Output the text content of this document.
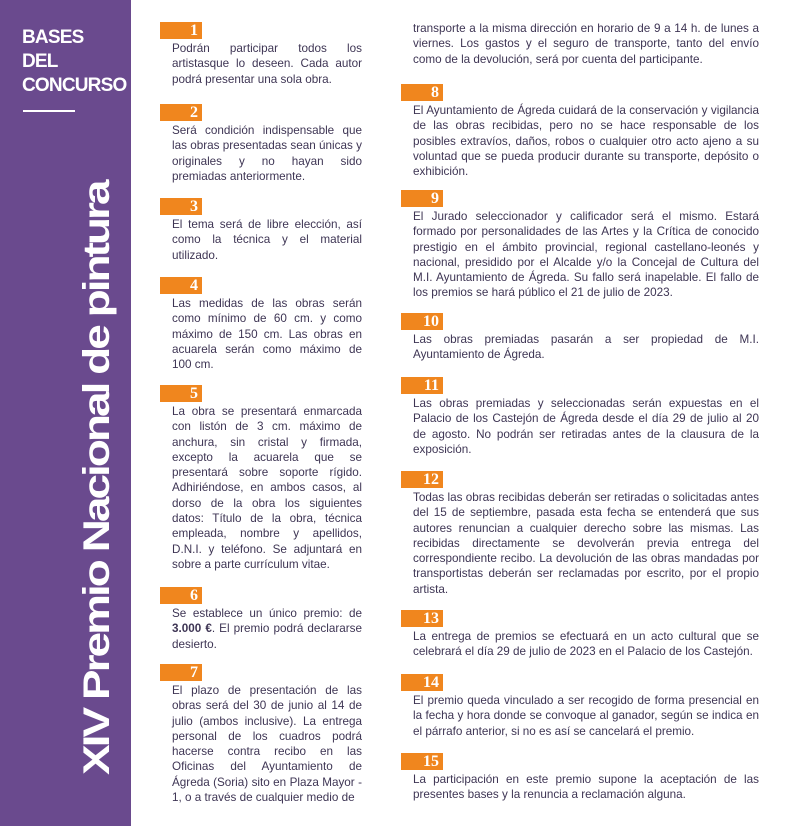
BASES
DEL
CONCURSO
XIV Premio Nacional de pintura
1
Podrán participar todos los artistasque lo deseen. Cada autor podrá presentar una sola obra.
2
Será condición indispensable que las obras presentadas sean únicas y originales y no hayan sido premiadas anteriormente.
3
El tema será de libre elección, así como la técnica y el material utilizado.
4
Las medidas de las obras serán como mínimo de 60 cm. y como máximo de 150 cm. Las obras en acuarela serán como máximo de 100 cm.
5
La obra se presentará enmarcada con listón de 3 cm. máximo de anchura, sin cristal y firmada, excepto la acuarela que se presentará sobre soporte rígido. Adhiriéndose, en ambos casos, al dorso de la obra los siguientes datos: Título de la obra, técnica empleada, nombre y apellidos, D.N.I. y teléfono. Se adjuntará en sobre a parte currículum vitae.
6
Se establece un único premio: de 3.000 €. El premio podrá declararse desierto.
7
El plazo de presentación de las obras será del 30 de junio al 14 de julio (ambos inclusive). La entrega personal de los cuadros podrá hacerse contra recibo en las Oficinas del Ayuntamiento de Ágreda (Soria) sito en Plaza Mayor - 1, o a través de cualquier medio de
transporte a la misma dirección en horario de 9 a 14 h. de lunes a viernes. Los gastos y el seguro de transporte, tanto del envío como de la devolución, será por cuenta del participante.
8
El Ayuntamiento de Ágreda cuidará de la conservación y vigilancia de las obras recibidas, pero no se hace responsable de los posibles extravíos, daños, robos o cualquier otro acto ajeno a su voluntad que se pueda producir durante su transporte, depósito o exhibición.
9
El Jurado seleccionador y calificador será el mismo. Estará formado por personalidades de las Artes y la Crítica de conocido prestigio en el ámbito provincial, regional castellano-leonés y nacional, presidido por el Alcalde y/o la Concejal de Cultura del M.I. Ayuntamiento de Ágreda. Su fallo será inapelable. El fallo de los premios se hará público el 21 de julio de 2023.
10
Las obras premiadas pasarán a ser propiedad de M.I. Ayuntamiento de Ágreda.
11
Las obras premiadas y seleccionadas serán expuestas en el Palacio de los Castejón de Ágreda desde el día 29 de julio al 20 de agosto. No podrán ser retiradas antes de la clausura de la exposición.
12
Todas las obras recibidas deberán ser retiradas o solicitadas antes del 15 de septiembre, pasada esta fecha se entenderá que sus autores renuncian a cualquier derecho sobre las mismas. Las recibidas directamente se devolverán previa entrega del correspondiente recibo. La devolución de las obras mandadas por transportistas deberán ser reclamadas por escrito, por el propio artista.
13
La entrega de premios se efectuará en un acto cultural que se celebrará el día 29 de julio de 2023 en el Palacio de los Castejón.
14
El premio queda vinculado a ser recogido de forma presencial en la fecha y hora donde se convoque al ganador, según se indica en el párrafo anterior, si no es así se cancelará el premio.
15
La participación en este premio supone la aceptación de las presentes bases y la renuncia a reclamación alguna.
